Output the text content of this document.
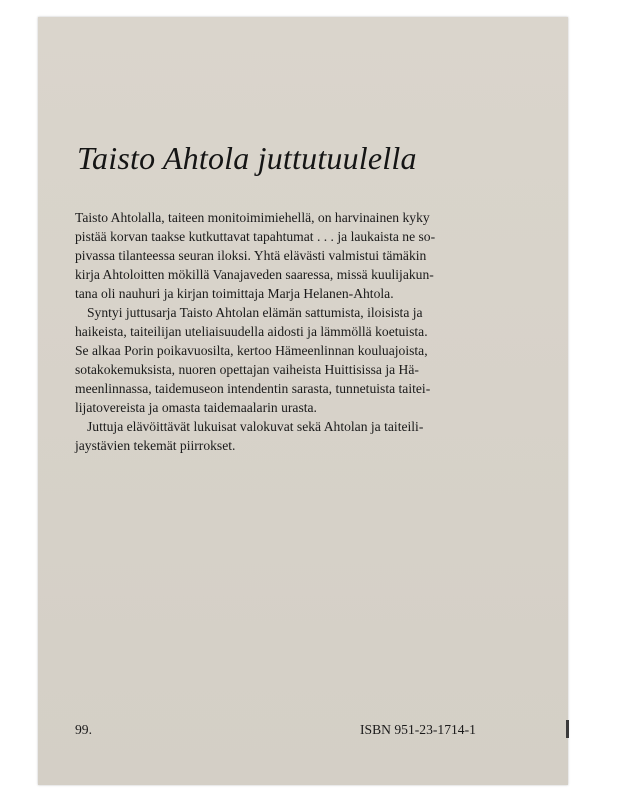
Taisto Ahtola juttutuulella
Taisto Ahtolalla, taiteen monitoimimiehellä, on harvinainen kyky
pistää korvan taakse kutkuttavat tapahtumat . . . ja laukaista ne so-
pivassa tilanteessa seuran iloksi. Yhtä elävästi valmistui tämäkin
kirja Ahtoloitten mökillä Vanajaveden saaressa, missä kuulijakun-
tana oli nauhuri ja kirjan toimittaja Marja Helanen-Ahtola.
Syntyi juttusarja Taisto Ahtolan elämän sattumista, iloisista ja
haikeista, taiteilijan uteliaisuudella aidosti ja lämmöllä koetuista.
Se alkaa Porin poikavuosilta, kertoo Hämeenlinnan kouluajoista,
sotakokemuksista, nuoren opettajan vaiheista Huittisissa ja Hä-
meenlinnassa, taidemuseon intendentin sarasta, tunnetuista taitei-
lijatovereista ja omasta taidemaalarin urasta.
Juttuja elävöittävät lukuisat valokuvat sekä Ahtolan ja taiteili-
jaystävien tekemät piirrokset.
99.	ISBN 951-23-1714-1
